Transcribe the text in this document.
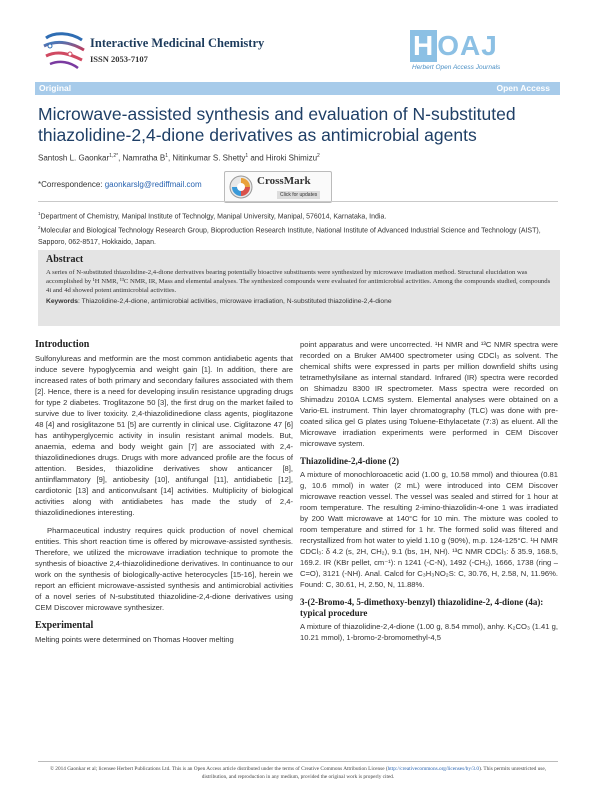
Interactive Medicinal Chemistry
ISSN 2053-7107	H OAJ
Herbert Open Access Journals
Original	Open Access
Microwave-assisted synthesis and evaluation of N-substituted thiazolidine-2,4-dione derivatives as antimicrobial agents
Santosh L. Gaonkar$^{1,2*}$, Namratha $B^1$, Nitinkumar S. Shetty$^1$ and Hiroki Shimizu$^2$
*Correspondence: gaonkarslg@rediffmail.com	CrossMark
Click for updates
$^1$Department of Chemistry, Manipal Institute of Technolgy, Manipal University, Manipal, 576014, Karnataka, India.
$^2$Molecular and Biological Technology Research Group, Bioproduction Research Institute, National Institute of Advanced Industrial Science and Technology (AIST), Sapporo, 062-8517, Hokkaido, Japan.
Abstract
A series of N-substituted thiazolidine-2,4-dione derivatives bearing potentially bioactive substituents were synthesized by microwave irradiation method. Structural elucidation was accomplished by ¹H NMR, ¹³C NMR, IR, Mass and elemental analyses. The synthesized compounds were evaluated for antimicrobial activities. Among the compounds studied, compounds 4i and 4d showed potent antimicrobial activities.
Keywords: Thiazolidine-2,4-dione, antimicrobial activities, microwave irradiation, N-substituted thiazolidine-2,4-dione
Introduction

Sulfonylureas and metformin are the most common antidiabetic agents that induce severe hypoglycemia and weight gain [1]. In addition, there are increased rates of both primary and secondary failures associated with them [2]. Hence, there is a need for developing insulin resistance upgrading drugs for type 2 diabetes. Troglitazone 50 [3], the first drug on the market failed to survive due to liver toxicity. 2,4-thiazolidinedione class agents, pioglitazone 48 [4] and rosiglitazone 51 [5] are currently in clinical use. Ciglitazone 47 [6] has antihyperglycemic activity in insulin resistant animal models. But, anaemia, edema and body weight gain [7] are associated with 2,4-thiazolidinediones drugs. Drugs with more advanced profile are the focus of attention. Besides, thiazolidine derivatives show anticancer [8], antiinflammatory [9], antiobesity [10], antifungal [11], antidiabetic [12], cardiotonic [13] and anticonvulsant [14] activities. Multiplicity of biological activities along with antidiabetes has made the study of 2,4-thiazolidinediones interesting.

Pharmaceutical industry requires quick production of novel chemical entities. This short reaction time is offered by microwave-assisted synthesis. Therefore, we utilized the microwave irradiation technique to promote the synthesis of bioactive 2,4-thiazolidinedione derivatives. In continuance to our work on the synthesis of biologically-active heterocycles [15-16], herein we report an efficient microwave-assisted synthesis and antimicrobial activities of a novel series of N-substituted thiazolidine-2,4-dione derivatives using CEM Discover microwave synthesizer.

Experimental

Melting points were determined on Thomas Hoover melting

point apparatus and were uncorrected. ¹H NMR and ¹³C NMR spectra were recorded on a Bruker AM400 spectrometer using CDCl₃ as solvent. The chemical shifts were expressed in parts per million downfield shifts using tetramethylsilane as internal standard. Infrared (IR) spectra were recorded on Shimadzu 8300 IR spectrometer. Mass spectra were recorded on Shimadzu 2010A LCMS system. Elemental analyses were obtained on a Vario-EL instrument. Thin layer chromatography (TLC) was done with pre-coated silica gel G plates using Toluene-Ethylacetate (7:3) as eluent. All the Microwave irradiation experiments were performed in CEM Discover microwave system.

Thiazolidine-2,4-dione (2)

A mixture of monochloroacetic acid (1.00 g, 10.58 mmol) and thiourea (0.81 g, 10.6 mmol) in water (2 mL) were introduced into CEM Discover microwave reaction vessel. The vessel was sealed and stirred for 1 hour at room temperature. The resulting 2-imino-thiazolidin-4-one 1 was irradiated by 200 Watt microwave at 140°C for 10 min. The mixture was cooled to room temperature and stirred for 1 hr. The formed solid was filtered and recrystallized from hot water to yield 1.10 g (90%), m.p. 124-125°C. ¹H NMR CDCl₃: δ 4.2 (s, 2H, CH₂), 9.1 (bs, 1H, NH). ¹³C NMR CDCl₃: δ 35.9, 168.5, 169.2. IR (KBr pellet, cm⁻¹): n 1241 (-C-N), 1492 (-CH₂), 1666, 1738 (ring –C=O), 3121 (-NH). Anal. Calcd for C₃H₃NO₂S: C, 30.76, H, 2.58, N, 11.96%. Found: C, 30.61, H, 2.50, N, 11.88%.

3-(2-Bromo-4, 5-dimethoxy-benzyl) thiazolidine-2, 4-dione (4a): typical procedure

A mixture of thiazolidine-2,4-dione (1.00 g, 8.54 mmol), anhy. K₂CO₃ (1.41 g, 10.21 mmol), 1-bromo-2-bromomethyl-4,5

© 2014 Gaonkar et al; licensee Herbert Publications Ltd. This is an Open Access article distributed under the terms of Creative Commons Attribution License (http://creativecommons.org/licenses/by/3.0). This permits unrestricted use, distribution, and reproduction in any medium, provided the original work is properly cited.
